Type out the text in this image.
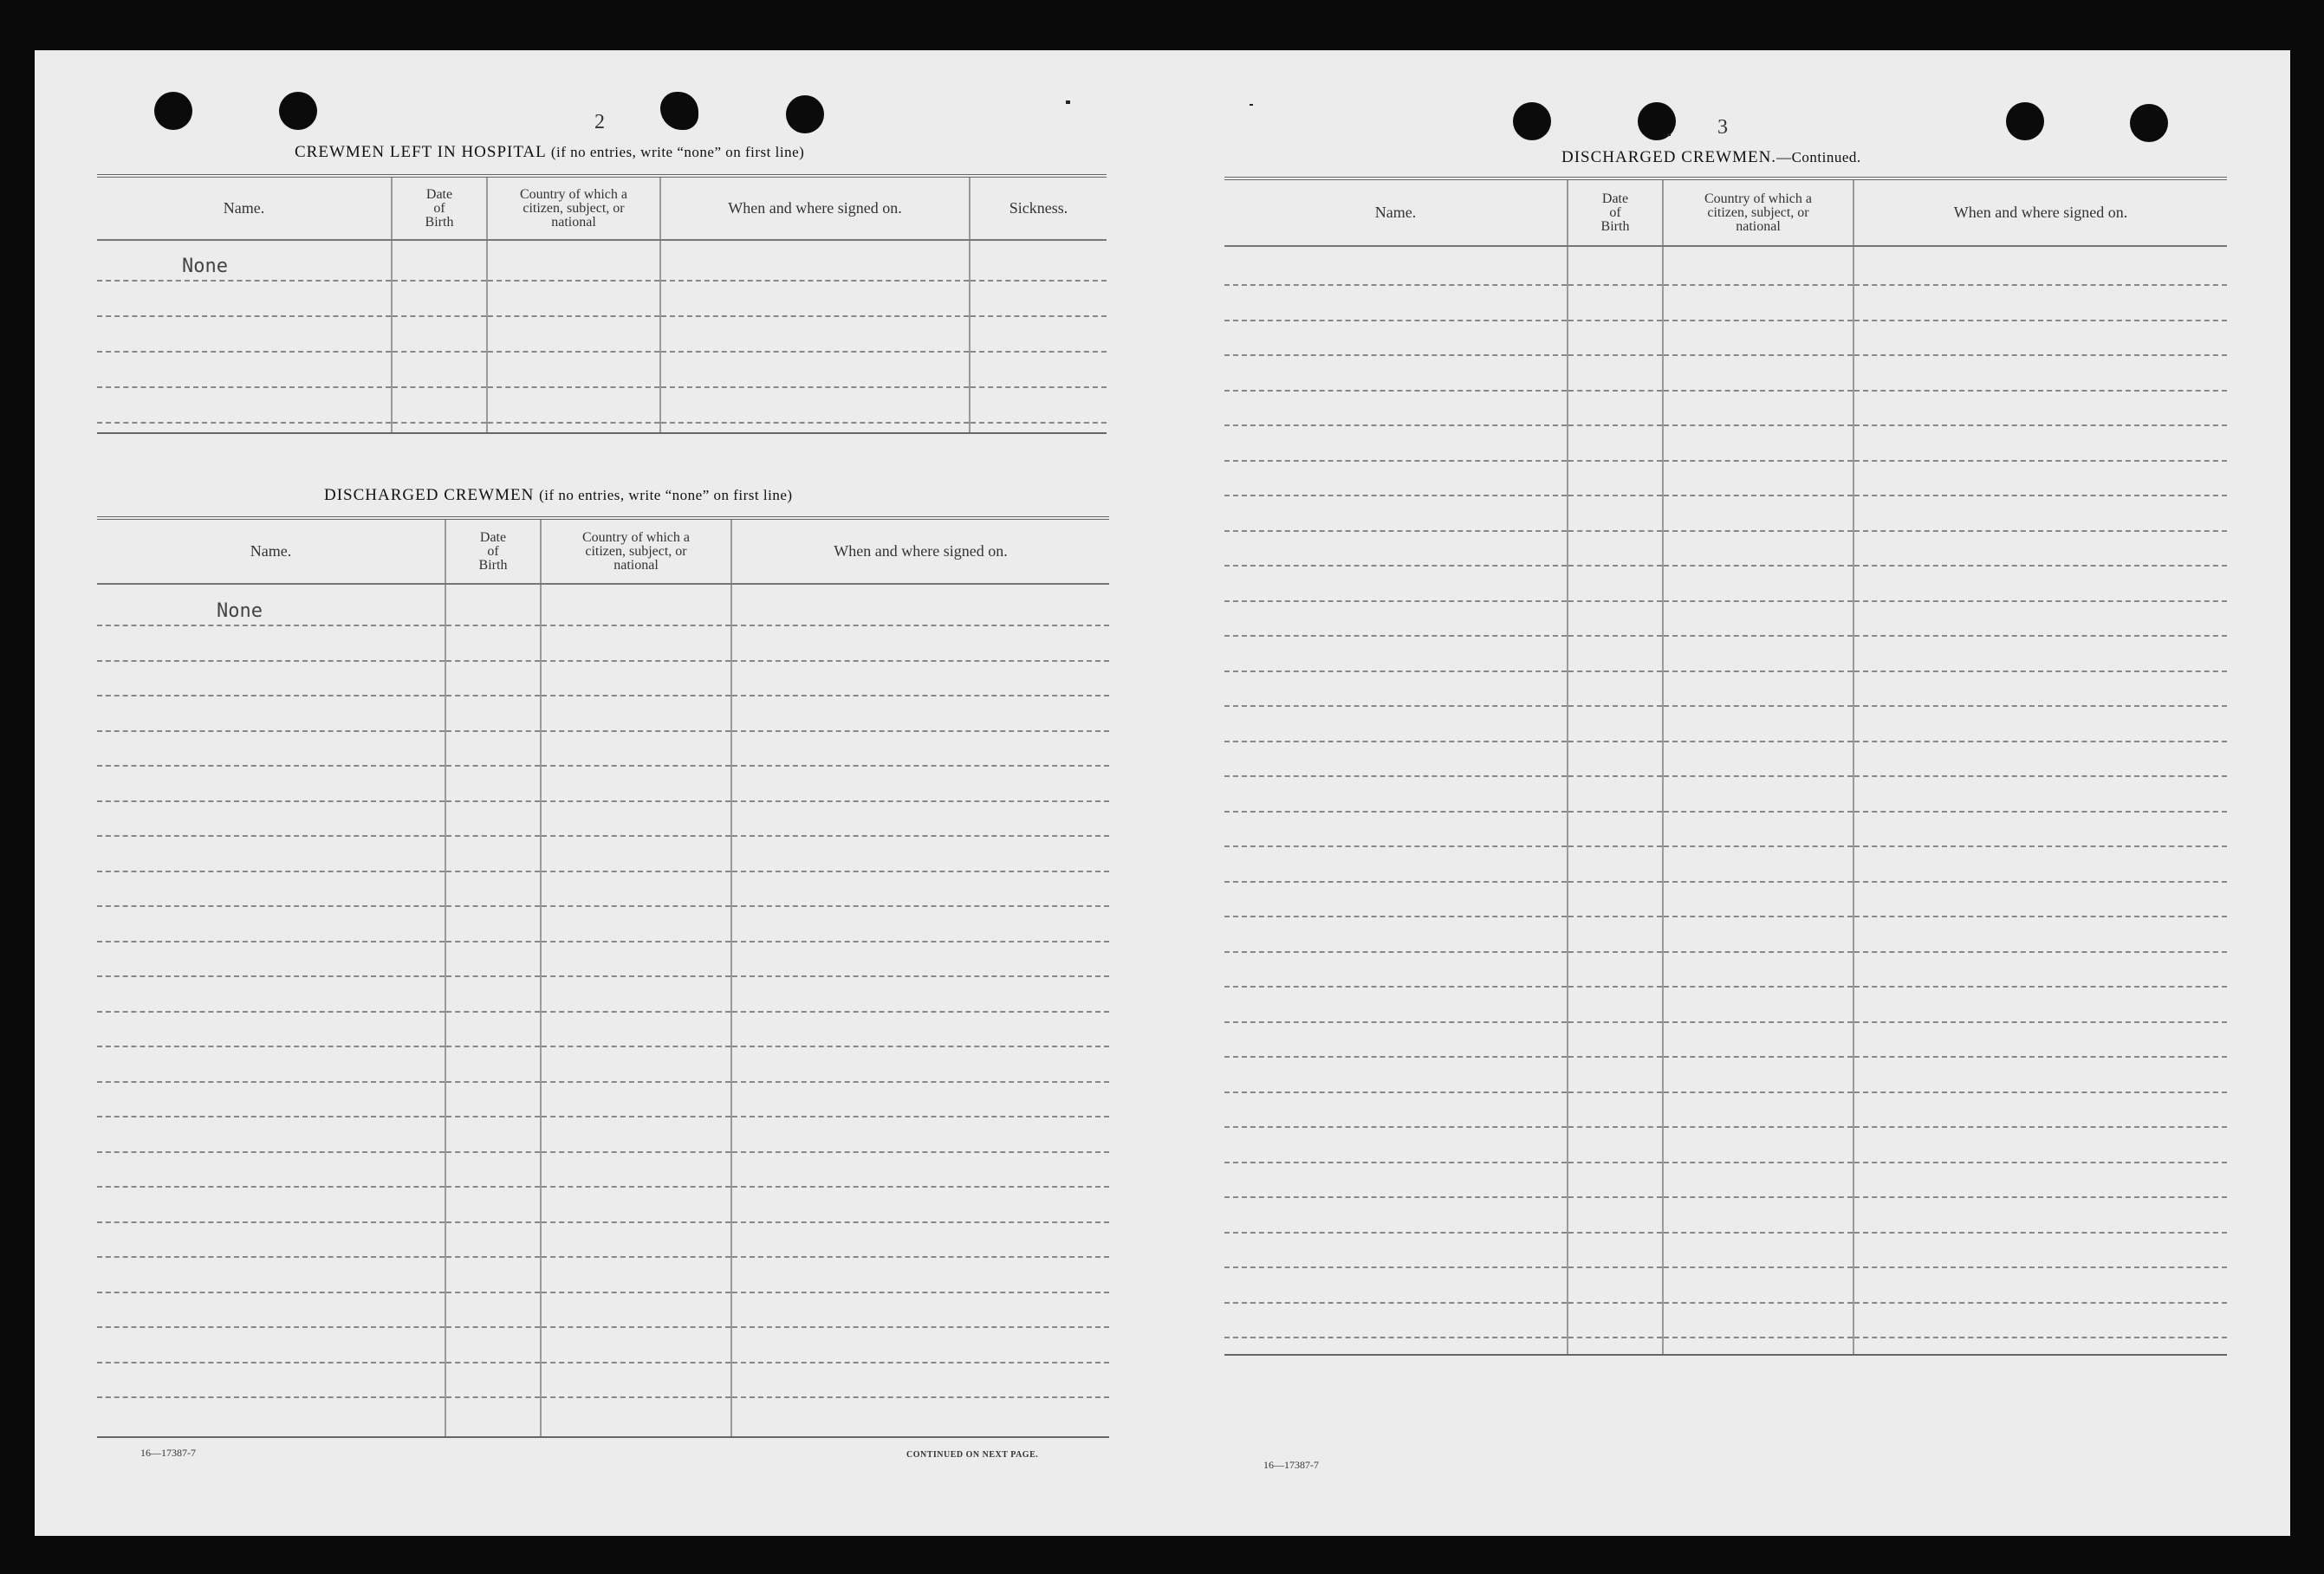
2
CREWMEN LEFT IN HOSPITAL (if no entries, write “none” on first line)
Name.	Date
of
Birth	Country of which a
citizen, subject, or
national	When and where signed on.	Sickness.
None				

DISCHARGED CREWMEN (if no entries, write “none” on first line)
Name.	Date
of
Birth	Country of which a
citizen, subject, or
national	When and where signed on.
None			

16—17387-7	CONTINUED ON NEXT PAGE.
3
DISCHARGED CREWMEN.—Continued.
Name.	Date
of
Birth	Country of which a
citizen, subject, or
national	When and where signed on.

16—17387-7
